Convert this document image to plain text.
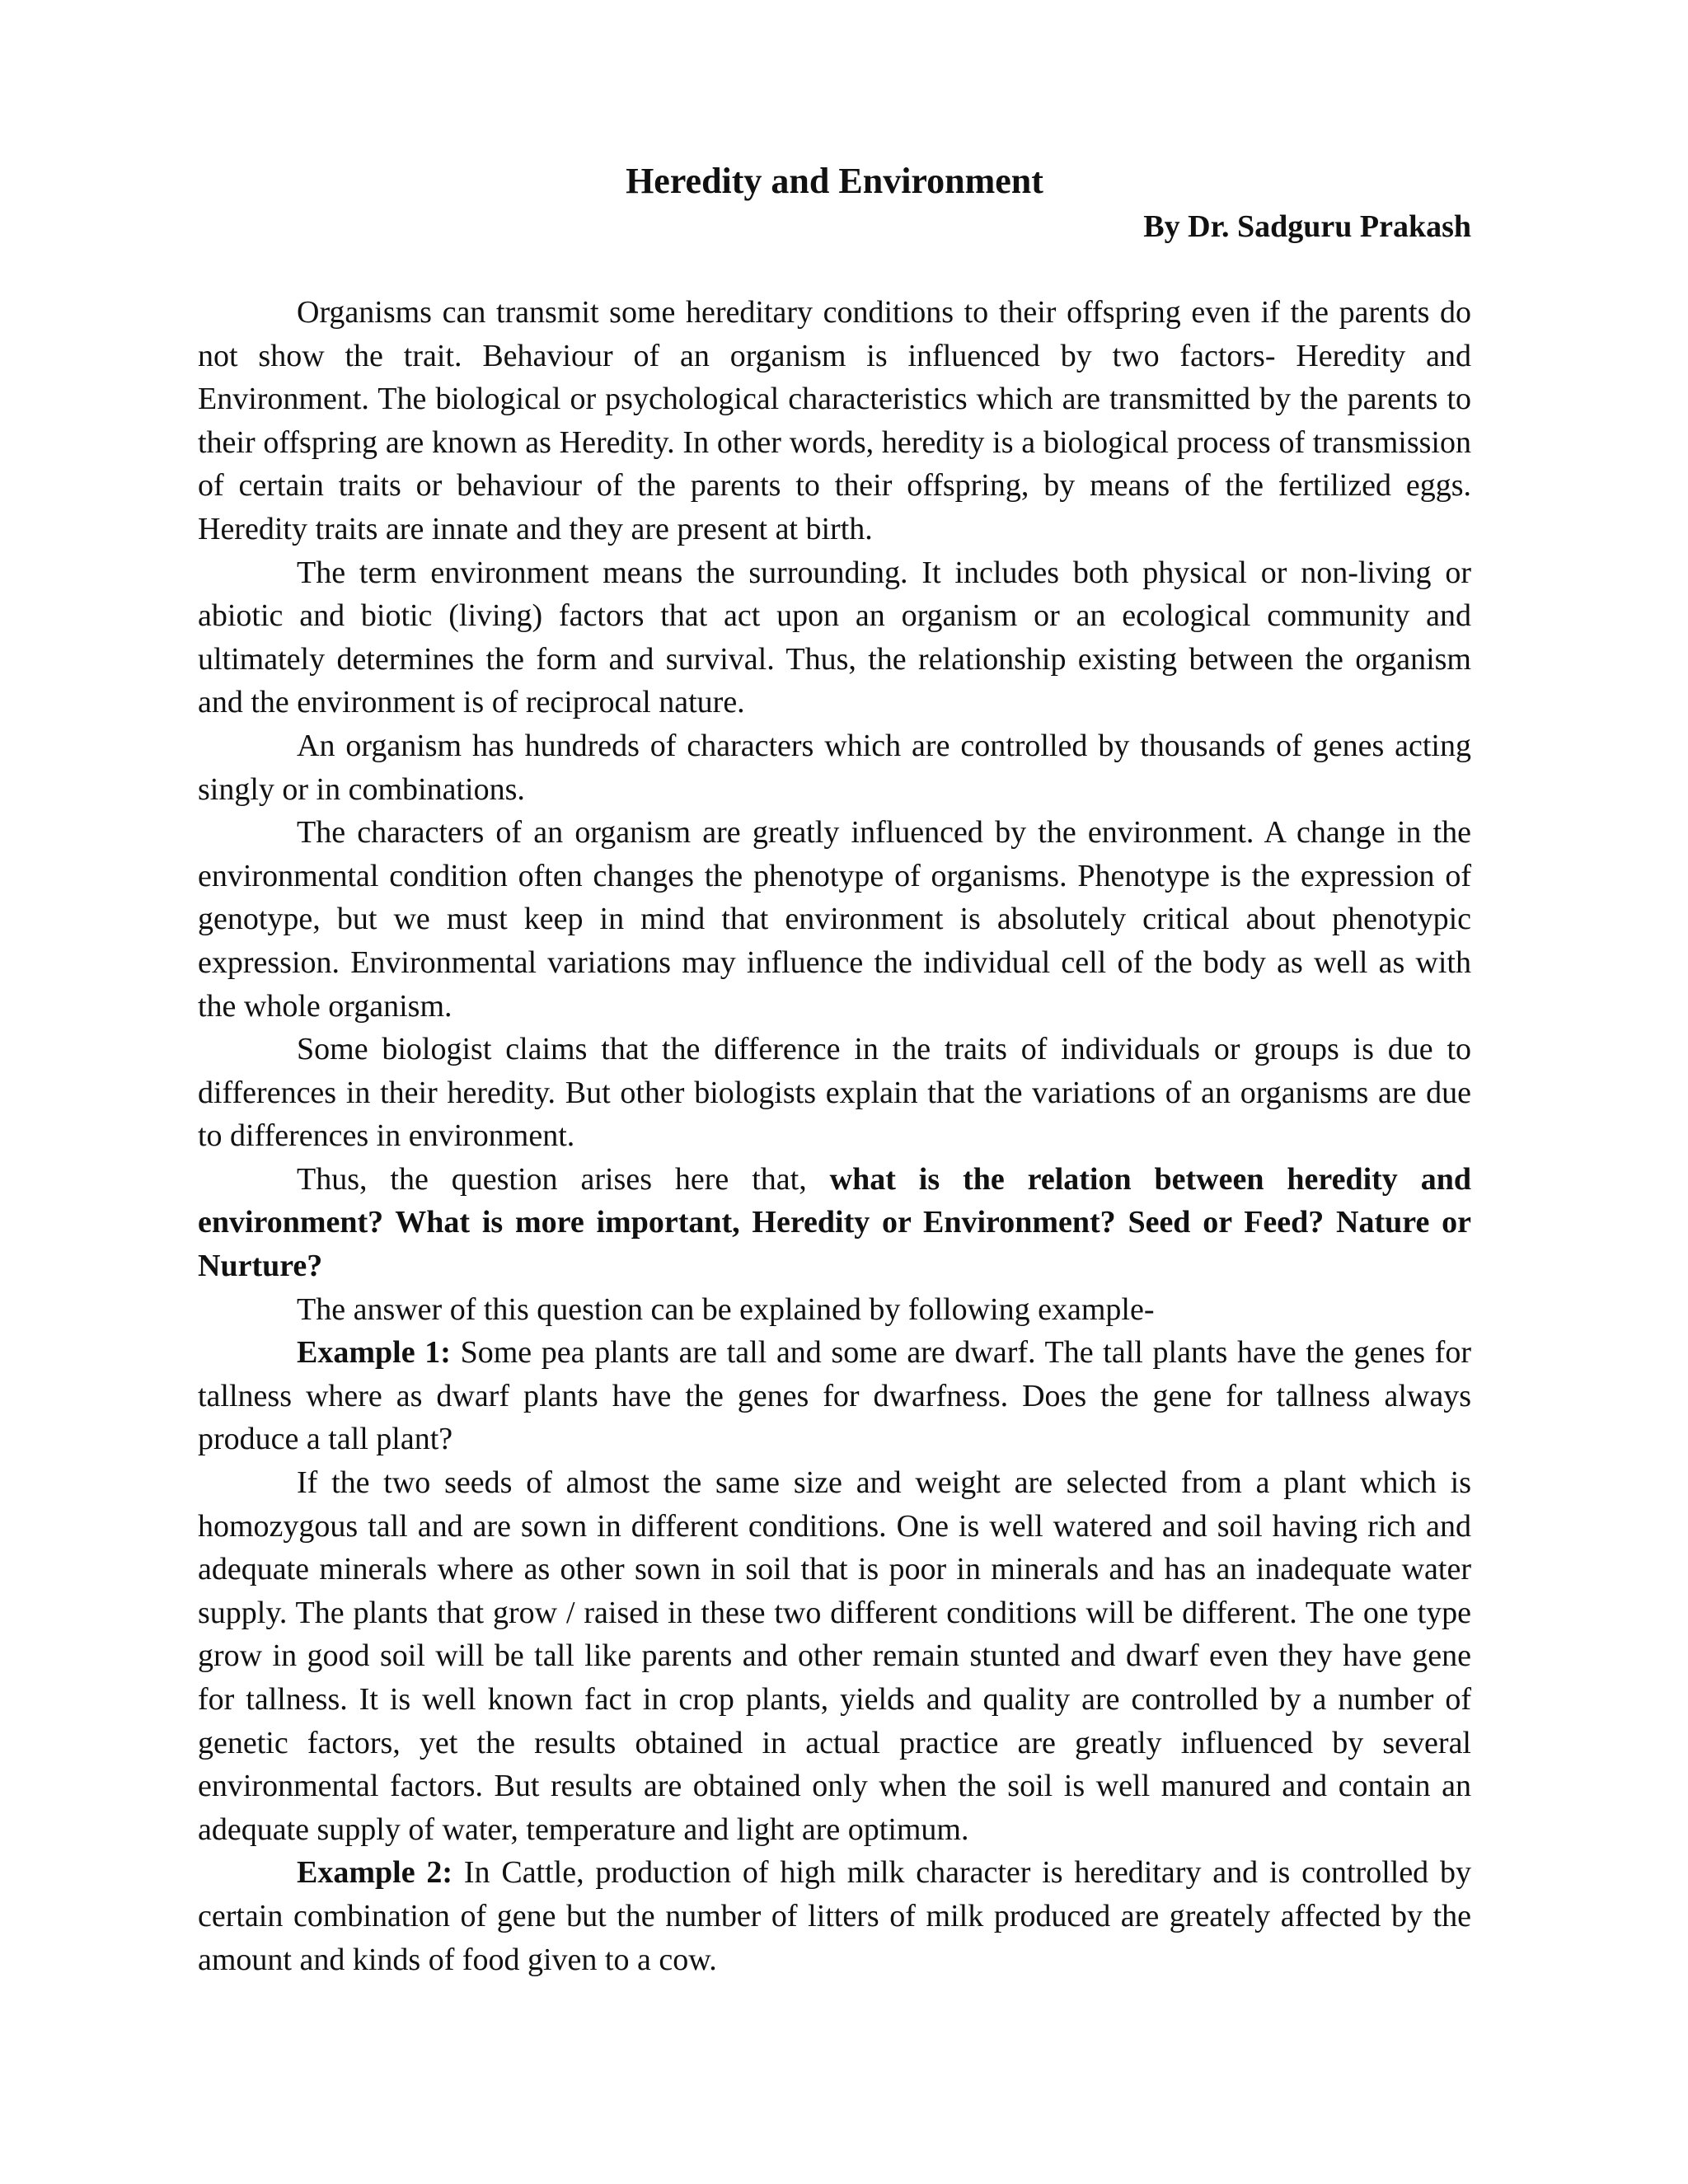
Heredity and Environment

By Dr. Sadguru Prakash

Organisms can transmit some hereditary conditions to their offspring even if the parents do not show the trait. Behaviour of an organism is influenced by two factors- Heredity and Environment. The biological or psychological characteristics which are transmitted by the parents to their offspring are known as Heredity. In other words, heredity is a biological process of transmission of certain traits or behaviour of the parents to their offspring, by means of the fertilized eggs. Heredity traits are innate and they are present at birth.

The term environment means the surrounding. It includes both physical or non-living or abiotic and biotic (living) factors that act upon an organism or an ecological community and ultimately determines the form and survival. Thus, the relationship existing between the organism and the environment is of reciprocal nature.

An organism has hundreds of characters which are controlled by thousands of genes acting singly or in combinations.

The characters of an organism are greatly influenced by the environment. A change in the environmental condition often changes the phenotype of organisms. Phenotype is the expression of genotype, but we must keep in mind that environment is absolutely critical about phenotypic expression. Environmental variations may influence the individual cell of the body as well as with the whole organism.

Some biologist claims that the difference in the traits of individuals or groups is due to differences in their heredity. But other biologists explain that the variations of an organisms are due to differences in environment.

Thus, the question arises here that, what is the relation between heredity and environment? What is more important, Heredity or Environment? Seed or Feed? Nature or Nurture?

The answer of this question can be explained by following example-

Example 1: Some pea plants are tall and some are dwarf. The tall plants have the genes for tallness where as dwarf plants have the genes for dwarfness. Does the gene for tallness always produce a tall plant?

If the two seeds of almost the same size and weight are selected from a plant which is homozygous tall and are sown in different conditions. One is well watered and soil having rich and adequate minerals where as other sown in soil that is poor in minerals and has an inadequate water supply. The plants that grow / raised in these two different conditions will be different. The one type grow in good soil will be tall like parents and other remain stunted and dwarf even they have gene for tallness. It is well known fact in crop plants, yields and quality are controlled by a number of genetic factors, yet the results obtained in actual practice are greatly influenced by several environmental factors. But results are obtained only when the soil is well manured and contain an adequate supply of water, temperature and light are optimum.

Example 2: In Cattle, production of high milk character is hereditary and is controlled by certain combination of gene but the number of litters of milk produced are greately affected by the amount and kinds of food given to a cow.
